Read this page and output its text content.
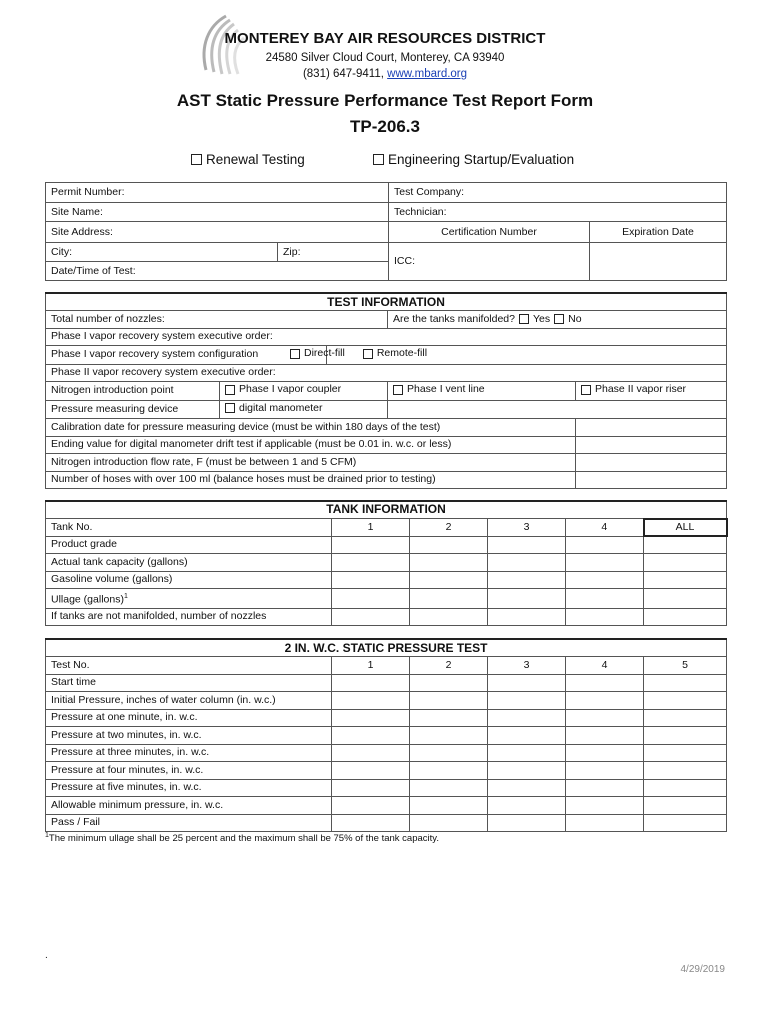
MONTEREY BAY AIR RESOURCES DISTRICT
24580 Silver Cloud Court, Monterey, CA 93940
(831) 647-9411, www.mbard.org
AST Static Pressure Performance Test Report Form
TP-206.3
Renewal Testing	Engineering Startup/Evaluation
Permit Number:		Test Company:	
Site Name:		Technician:	
Site Address:		Certification Number	Expiration Date
City:	Zip:	ICC:	
Date/Time of Test:			
TEST INFORMATION				
Total number of nozzles:			Are the tanks manifolded? Yes No	

Phase I vapor recovery system executive order:				
Phase I vapor recovery system configuration		Direct-fill Remote-fill		

Phase II vapor recovery system executive order:				
Nitrogen introduction point	Phase I vapor coupler		Phase I vent line	Phase II vapor riser

Pressure measuring device	digital manometer			

Calibration date for pressure measuring device (must be within 180 days of the test)				
Ending value for digital manometer drift test if applicable (must be 0.01 in. w.c. or less)				
Nitrogen introduction flow rate, F (must be between 1 and 5 CFM)				
Number of hoses with over 100 ml (balance hoses must be drained prior to testing)				
TANK INFORMATION					
Tank No.	1	2	3	4	ALL
Product grade					
Actual tank capacity (gallons)					
Gasoline volume (gallons)					
Ullage (gallons)$^1$					
If tanks are not manifolded, number of nozzles					
2 IN. W.C. STATIC PRESSURE TEST					
Test No.	1	2	3	4	5
Start time					
Initial Pressure, inches of water column (in. w.c.)					
Pressure at one minute, in. w.c.					
Pressure at two minutes, in. w.c.					
Pressure at three minutes, in. w.c.					
Pressure at four minutes, in. w.c.					
Pressure at five minutes, in. w.c.					
Allowable minimum pressure, in. w.c.					
Pass / Fail					
$^1$The minimum ullage shall be 25 percent and the maximum shall be 75% of the tank capacity.
.
4/29/2019
